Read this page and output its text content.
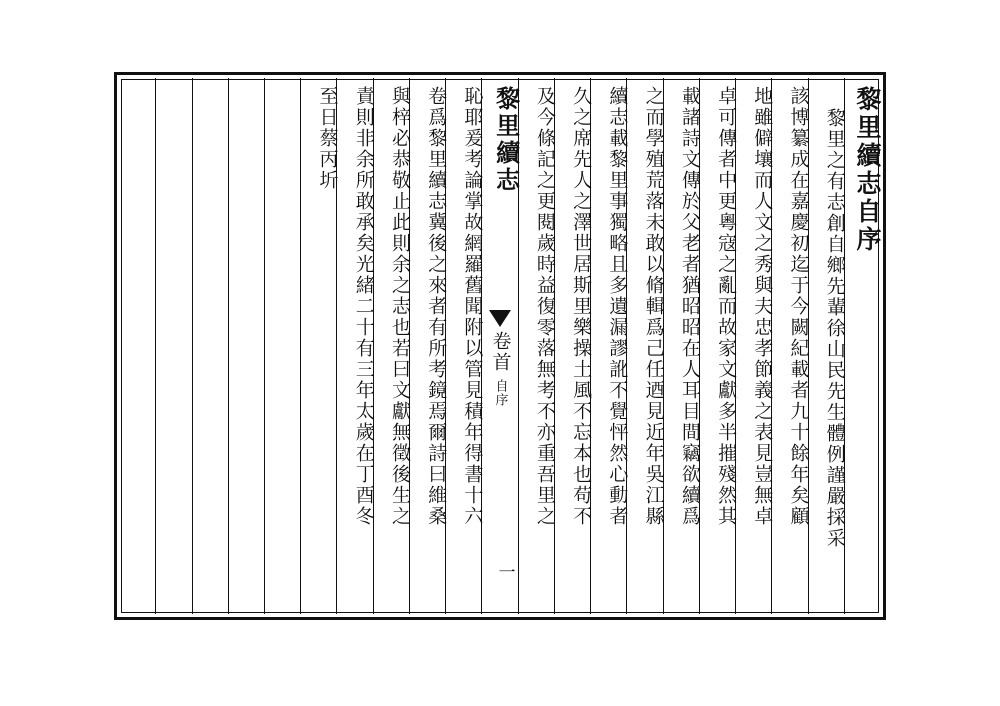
黎里續志自序
黎里之有志創自鄉先輩徐山民先生體例謹嚴採采
該博纂成在嘉慶初迄于今闕紀載者九十餘年矣顧
地雖僻壤而人文之秀與夫忠孝節義之表見豈無卓
卓可傳者中更粵寇之亂而故家文獻多半摧殘然其
載諸詩文傳於父老者猶昭昭在人耳目間竊欲續爲
之而學殖荒落未敢以脩輯爲己任迺見近年吳江縣
續志載黎里事獨略且多遺漏謬訛不覺怦然心動者
久之席先人之澤世居斯里樂操土風不忘本也苟不
及今條記之更閱歲時益復零落無考不亦重吾里之
黎里續志
卷首
自序
一
恥耶爰考論掌故網羅舊聞附以管見積年得書十六
卷爲黎里續志冀後之來者有所考鏡焉爾詩曰維桑
與梓必恭敬止此則余之志也若曰文獻無徵後生之
責則非余所敢承矣光緒二十有三年太歲在丁酉冬
至日蔡丙圻
